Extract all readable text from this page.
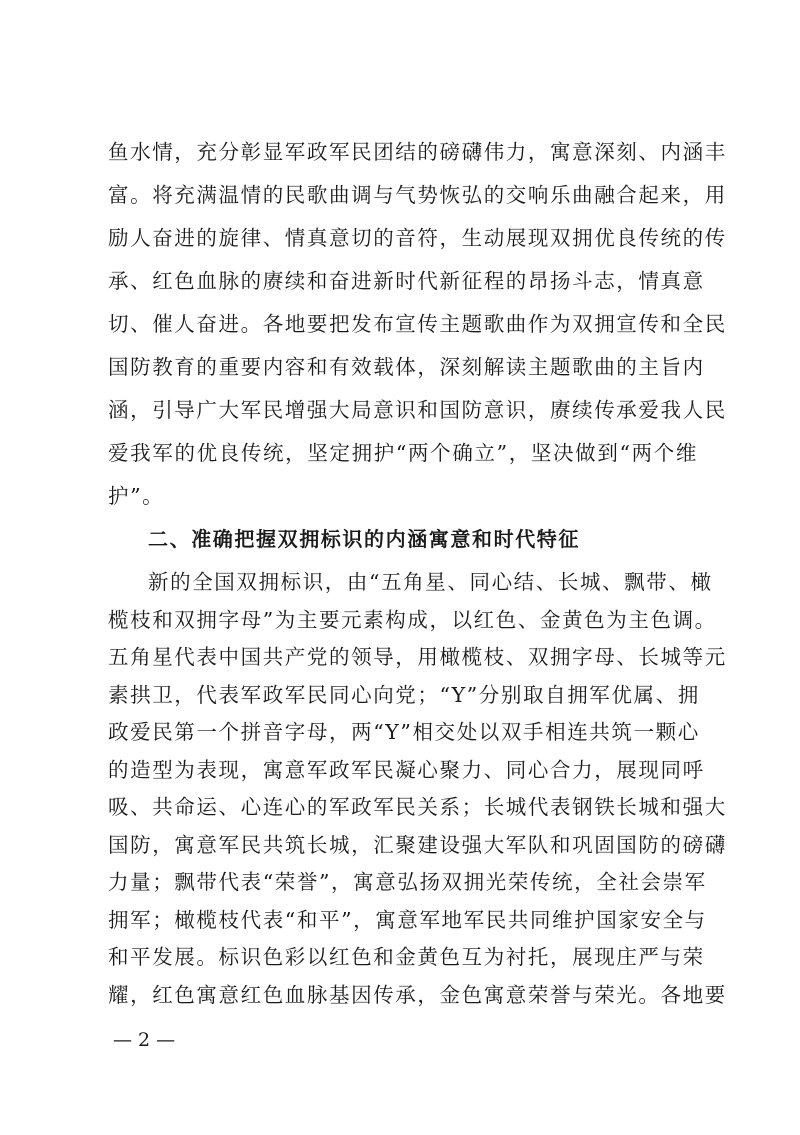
鱼水情，充分彰显军政军民团结的磅礴伟力，寓意深刻、内涵丰
富。将充满温情的民歌曲调与气势恢弘的交响乐曲融合起来，用
励人奋进的旋律、情真意切的音符，生动展现双拥优良传统的传
承、红色血脉的赓续和奋进新时代新征程的昂扬斗志，情真意
切、催人奋进。各地要把发布宣传主题歌曲作为双拥宣传和全民
国防教育的重要内容和有效载体，深刻解读主题歌曲的主旨内
涵，引导广大军民增强大局意识和国防意识，赓续传承爱我人民
爱我军的优良传统，坚定拥护“两个确立”，坚决做到“两个维
护”。
二、准确把握双拥标识的内涵寓意和时代特征
新的全国双拥标识，由“五角星、同心结、长城、飘带、橄
榄枝和双拥字母”为主要元素构成，以红色、金黄色为主色调。
五角星代表中国共产党的领导，用橄榄枝、双拥字母、长城等元
素拱卫，代表军政军民同心向党；“Y”分别取自拥军优属、拥
政爱民第一个拼音字母，两“Y”相交处以双手相连共筑一颗心
的造型为表现，寓意军政军民凝心聚力、同心合力，展现同呼
吸、共命运、心连心的军政军民关系；长城代表钢铁长城和强大
国防，寓意军民共筑长城，汇聚建设强大军队和巩固国防的磅礴
力量；飘带代表“荣誉”，寓意弘扬双拥光荣传统，全社会崇军
拥军；橄榄枝代表“和平”，寓意军地军民共同维护国家安全与
和平发展。标识色彩以红色和金黄色互为衬托，展现庄严与荣
— 2 —
耀，红色寓意红色血脉基因传承，金色寓意荣誉与荣光。各地要
